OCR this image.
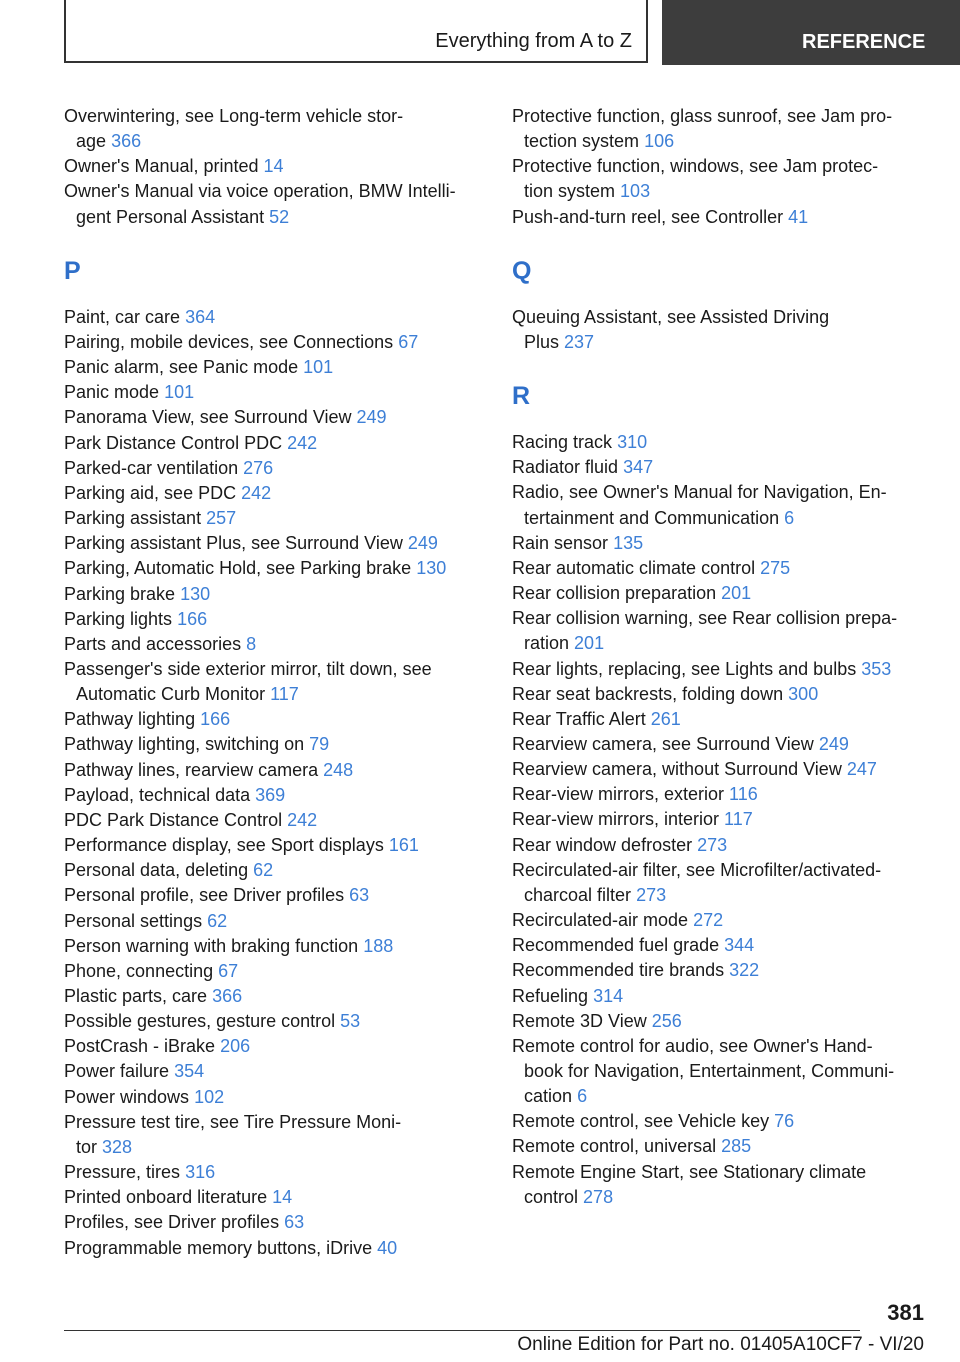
Everything from A to Z	REFERENCE
Overwintering, see Long-term vehicle stor-
age 366
Owner's Manual, printed 14
Owner's Manual via voice operation, BMW Intelli-
gent Personal Assistant 52
P
Paint, car care 364
Pairing, mobile devices, see Connections 67
Panic alarm, see Panic mode 101
Panic mode 101
Panorama View, see Surround View 249
Park Distance Control PDC 242
Parked-car ventilation 276
Parking aid, see PDC 242
Parking assistant 257
Parking assistant Plus, see Surround View 249
Parking, Automatic Hold, see Parking brake 130
Parking brake 130
Parking lights 166
Parts and accessories 8
Passenger's side exterior mirror, tilt down, see
Automatic Curb Monitor 117
Pathway lighting 166
Pathway lighting, switching on 79
Pathway lines, rearview camera 248
Payload, technical data 369
PDC Park Distance Control 242
Performance display, see Sport displays 161
Personal data, deleting 62
Personal profile, see Driver profiles 63
Personal settings 62
Person warning with braking function 188
Phone, connecting 67
Plastic parts, care 366
Possible gestures, gesture control 53
PostCrash - iBrake 206
Power failure 354
Power windows 102
Pressure test tire, see Tire Pressure Moni-
tor 328
Pressure, tires 316
Printed onboard literature 14
Profiles, see Driver profiles 63
Programmable memory buttons, iDrive 40
Protective function, glass sunroof, see Jam pro-
tection system 106
Protective function, windows, see Jam protec-
tion system 103
Push-and-turn reel, see Controller 41
Q
Queuing Assistant, see Assisted Driving
Plus 237
R
Racing track 310
Radiator fluid 347
Radio, see Owner's Manual for Navigation, En-
tertainment and Communication 6
Rain sensor 135
Rear automatic climate control 275
Rear collision preparation 201
Rear collision warning, see Rear collision prepa-
ration 201
Rear lights, replacing, see Lights and bulbs 353
Rear seat backrests, folding down 300
Rear Traffic Alert 261
Rearview camera, see Surround View 249
Rearview camera, without Surround View 247
Rear-view mirrors, exterior 116
Rear-view mirrors, interior 117
Rear window defroster 273
Recirculated-air filter, see Microfilter/activated-
charcoal filter 273
Recirculated-air mode 272
Recommended fuel grade 344
Recommended tire brands 322
Refueling 314
Remote 3D View 256
Remote control for audio, see Owner's Hand-
book for Navigation, Entertainment, Communi-
cation 6
Remote control, see Vehicle key 76
Remote control, universal 285
Remote Engine Start, see Stationary climate
control 278
381
Online Edition for Part no. 01405A10CF7 - VI/20
